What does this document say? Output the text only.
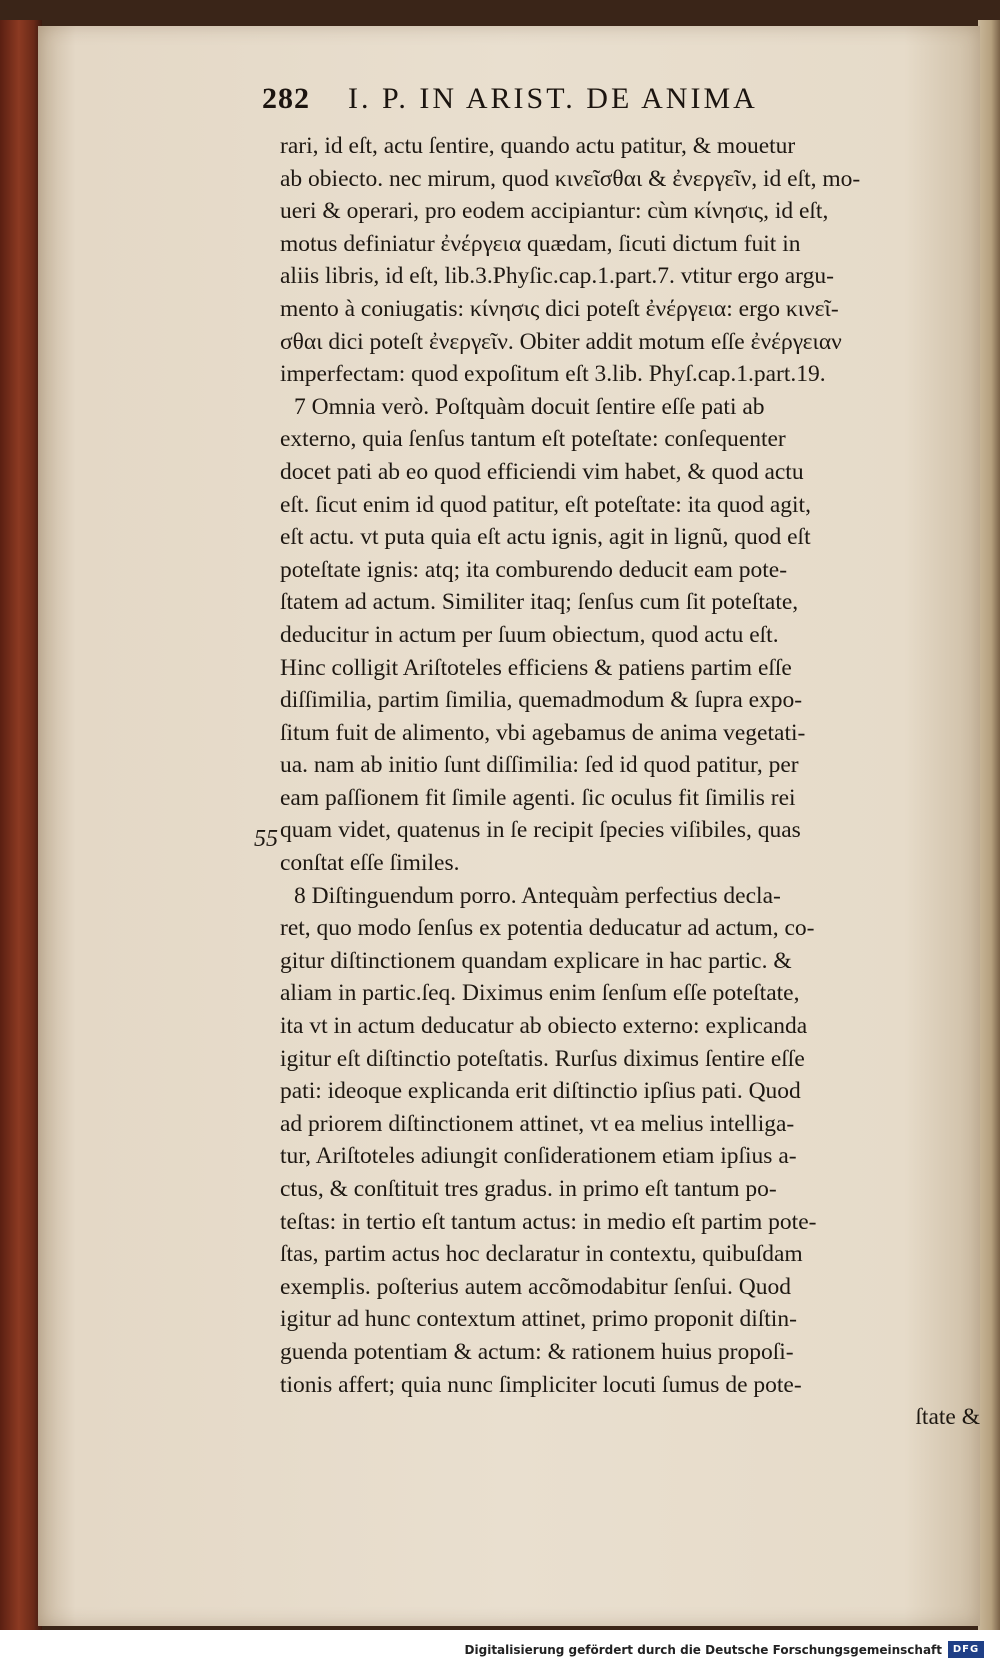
282	I. P. IN ARIST. DE ANIMA
55
rari, id eſt, actu ſentire, quando actu patitur, & mouetur
ab obiecto. nec mirum, quod κινεῖσθαι & ἐνεργεῖν, id eſt, mo-
ueri & operari, pro eodem accipiantur: cùm κίνησις, id eſt,
motus definiatur ἐνέργεια quædam, ſicuti dictum fuit in
aliis libris, id eſt, lib.3.Phyſic.cap.1.part.7. vtitur ergo argu-
mento à coniugatis: κίνησις dici poteſt ἐνέργεια: ergo κινεῖ-
σθαι dici poteſt ἐνεργεῖν. Obiter addit motum eſſe ἐνέργειαν
imperfectam: quod expoſitum eſt 3.lib. Phyſ.cap.1.part.19.
7 Omnia verò. Poſtquàm docuit ſentire eſſe pati ab
externo, quia ſenſus tantum eſt poteſtate: conſequenter
docet pati ab eo quod efficiendi vim habet, & quod actu
eſt. ſicut enim id quod patitur, eſt poteſtate: ita quod agit,
eſt actu. vt puta quia eſt actu ignis, agit in lignũ, quod eſt
poteſtate ignis: atq; ita comburendo deducit eam pote-
ſtatem ad actum. Similiter itaq; ſenſus cum ſit poteſtate,
deducitur in actum per ſuum obiectum, quod actu eſt.
Hinc colligit Ariſtoteles efficiens & patiens partim eſſe
diſſimilia, partim ſimilia, quemadmodum & ſupra expo-
ſitum fuit de alimento, vbi agebamus de anima vegetati-
ua. nam ab initio ſunt diſſimilia: ſed id quod patitur, per
eam paſſionem fit ſimile agenti. ſic oculus fit ſimilis rei
quam videt, quatenus in ſe recipit ſpecies viſibiles, quas
conſtat eſſe ſimiles.
8 Diſtinguendum porro. Antequàm perfectius decla-
ret, quo modo ſenſus ex potentia deducatur ad actum, co-
gitur diſtinctionem quandam explicare in hac partic. &
aliam in partic.ſeq. Diximus enim ſenſum eſſe poteſtate,
ita vt in actum deducatur ab obiecto externo: explicanda
igitur eſt diſtinctio poteſtatis. Rurſus diximus ſentire eſſe
pati: ideoque explicanda erit diſtinctio ipſius pati. Quod
ad priorem diſtinctionem attinet, vt ea melius intelliga-
tur, Ariſtoteles adiungit conſiderationem etiam ipſius a-
ctus, & conſtituit tres gradus. in primo eſt tantum po-
teſtas: in tertio eſt tantum actus: in medio eſt partim pote-
ſtas, partim actus hoc declaratur in contextu, quibuſdam
exemplis. poſterius autem accõmodabitur ſenſui. Quod
igitur ad hunc contextum attinet, primo proponit diſtin-
guenda potentiam & actum: & rationem huius propoſi-
tionis affert; quia nunc ſimpliciter locuti ſumus de pote-
ſtate &
Digitalisierung gefördert durch die Deutsche Forschungsgemeinschaft	DFG
